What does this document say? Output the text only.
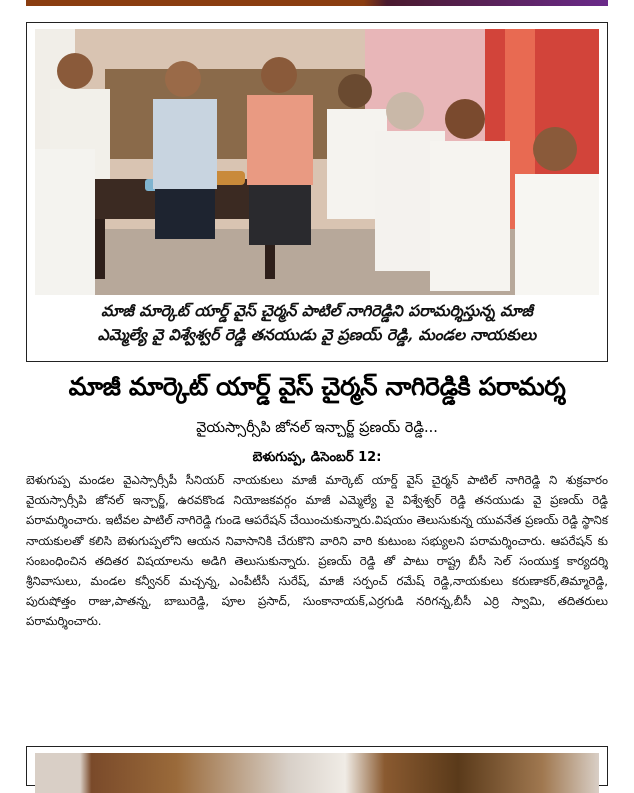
మాజీ మార్కెట్ యార్డ్ వైస్ చైర్మన్ పాటిల్ నాగిరెడ్డిని పరామర్శిస్తున్న మాజీ
ఎమ్మెల్యే వై విశ్వేశ్వర్ రెడ్డి తనయుడు వై ప్రణయ్ రెడ్డి, మండల నాయకులు
మాజీ మార్కెట్ యార్డ్ వైస్ చైర్మన్ నాగిరెడ్డికి పరామర్శ
వైయస్సార్సీపి జోనల్ ఇన్చార్జ్ ప్రణయ్ రెడ్డి...
బెళుగుప్ప, డిసెంబర్ 12:

బెళుగుప్ప మండల వైఎస్సార్సీపీ సీనియర్ నాయకులు మాజీ మార్కెట్ యార్డ్ వైస్ చైర్మన్ పాటిల్ నాగిరెడ్డి ని శుక్రవారం వైయస్సార్సీపి జోనల్ ఇన్చార్జ్, ఉరవకొండ నియోజకవర్గం మాజీ ఎమ్మెల్యే వై విశ్వేశ్వర్ రెడ్డి తనయుడు వై ప్రణయ్ రెడ్డి పరామర్శించారు. ఇటీవల పాటిల్ నాగిరెడ్డి గుండె ఆపరేషన్ చేయించుకున్నారు.విషయం తెలుసుకున్న యువనేత ప్రణయ్ రెడ్డి స్థానిక నాయకులతో కలిసి బెళుగుప్పలోని ఆయన నివాసానికి చేరుకొని వారిని వారి కుటుంబ సభ్యులని పరామర్శించారు. ఆపరేషన్ కు సంబంధించిన తదితర విషయాలను అడిగి తెలుసుకున్నారు. ప్రణయ్ రెడ్డి తో పాటు రాష్ట్ర బీసీ సెల్ సంయుక్త కార్యదర్శి శ్రీనివాసులు, మండల కన్వీనర్ మచ్చన్న, ఎంపీటీసీ సురేష్, మాజీ సర్పంచ్ రమేష్ రెడ్డి,నాయకులు కరుణాకర్,తిమ్మారెడ్డి, పురుషోత్తం రాజు,పాతన్న, బాబురెడ్డి, పూల ప్రసాద్, సుంకానాయక్,ఎర్రగుడి నరిగన్న,బీసీ ఎర్రి స్వామి, తదితరులు పరామర్శించారు.
